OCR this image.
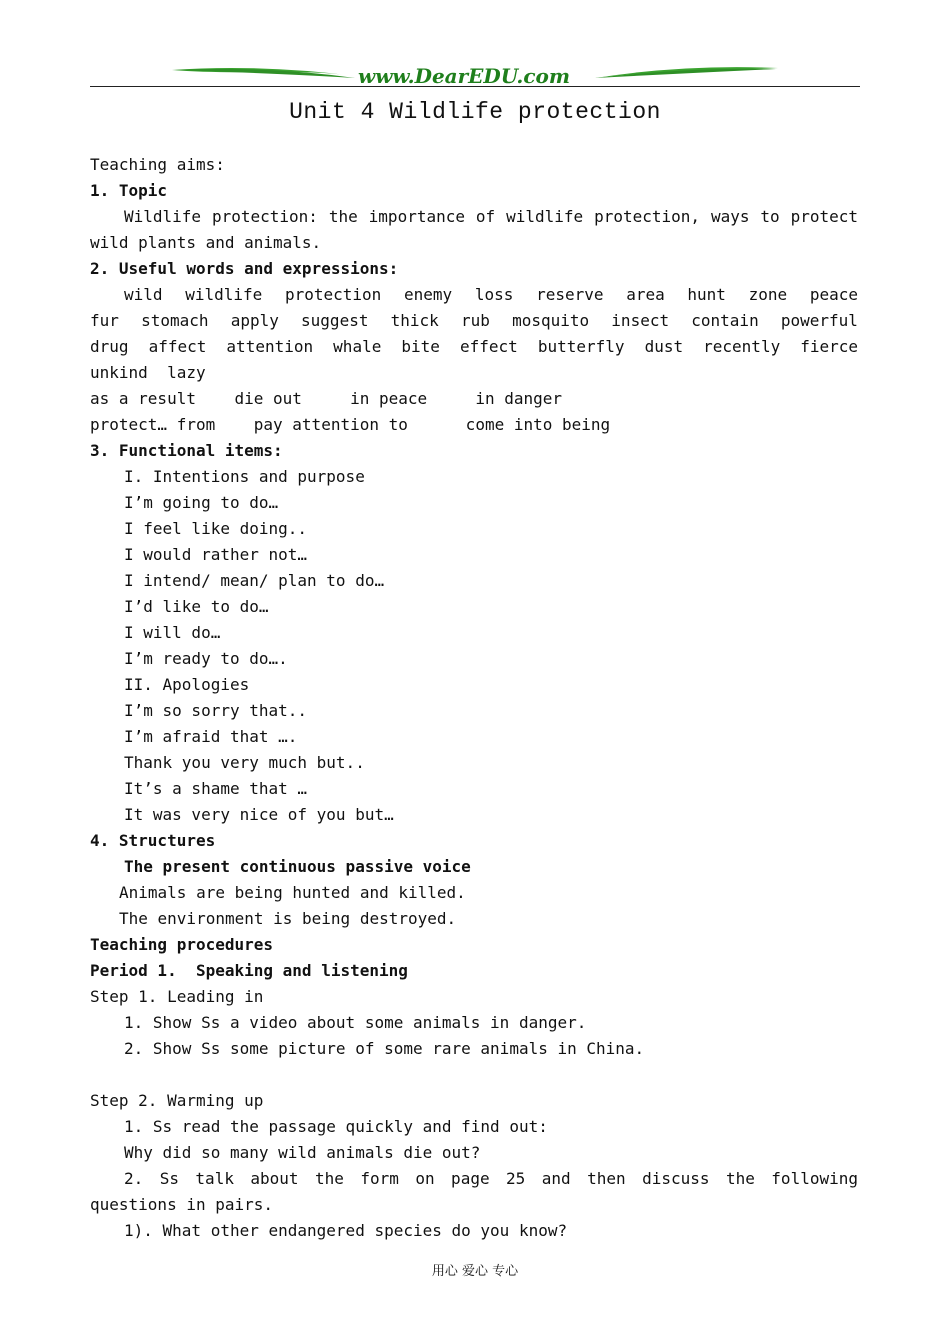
www.DearEDU.com
Unit 4 Wildlife protection
Teaching aims:
1. Topic
Wildlife protection: the importance of wildlife protection, ways to protect
wild plants and animals.
2. Useful words and expressions:
wild wildlife protection enemy loss reserve area hunt zone peace
fur stomach apply suggest thick rub mosquito insect contain powerful
drug affect attention whale bite effect butterfly dust recently fierce
unkind  lazy
as a result    die out     in peace     in danger
protect… from    pay attention to      come into being
3. Functional items:
I. Intentions and purpose
I’m going to do…
I feel like doing..
I would rather not…
I intend/ mean/ plan to do…
I’d like to do…
I will do…
I’m ready to do….
II. Apologies
I’m so sorry that..
I’m afraid that ….
Thank you very much but..
It’s a shame that …
It was very nice of you but…
4. Structures
The present continuous passive voice
Animals are being hunted and killed.
The environment is being destroyed.
Teaching procedures
Period 1.  Speaking and listening
Step 1. Leading in
1. Show Ss a video about some animals in danger.
2. Show Ss some picture of some rare animals in China.
Step 2. Warming up
1. Ss read the passage quickly and find out:
Why did so many wild animals die out?
2. Ss talk about the form on page 25 and then discuss the following
questions in pairs.
1). What other endangered species do you know?
用心 爱心 专心
